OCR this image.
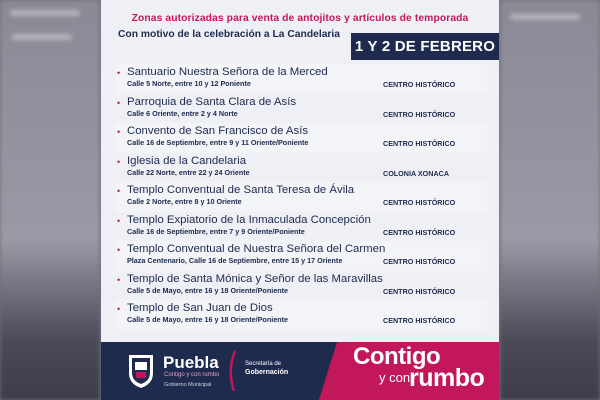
Zonas autorizadas para venta de antojitos y artículos de temporada
Con motivo de la celebración a La Candelaria
1 Y 2 DE FEBRERO
• Santuario Nuestra Señora de la Merced
Calle 5 Norte, entre 10 y 12 Poniente	CENTRO HISTÓRICO
• Parroquia de Santa Clara de Asís
Calle 6 Oriente, entre 2 y 4 Norte	CENTRO HISTÓRICO
• Convento de San Francisco de Asís
Calle 16 de Septiembre, entre 9 y 11 Oriente/Poniente	CENTRO HISTÓRICO
• Iglesia de la Candelaria
Calle 22 Norte, entre 22 y 24 Oriente	COLONIA XONACA
• Templo Conventual de Santa Teresa de Ávila
Calle 2 Norte, entre 8 y 10 Oriente	CENTRO HISTÓRICO
• Templo Expiatorio de la Inmaculada Concepción
Calle 16 de Septiembre, entre 7 y 9 Oriente/Poniente	CENTRO HISTÓRICO
• Templo Conventual de Nuestra Señora del Carmen
Plaza Centenario, Calle 16 de Septiembre, entre 15 y 17 Oriente	CENTRO HISTÓRICO
• Templo de Santa Mónica y Señor de las Maravillas
Calle 5 de Mayo, entre 16 y 18 Oriente/Poniente	CENTRO HISTÓRICO
• Templo de San Juan de Dios
Calle 5 de Mayo, entre 16 y 18 Oriente/Poniente	CENTRO HISTÓRICO
Puebla
Contigo y con rumbo
Gobierno Municipal
Secretaría de
Gobernación
Contigo
y con
rumbo
